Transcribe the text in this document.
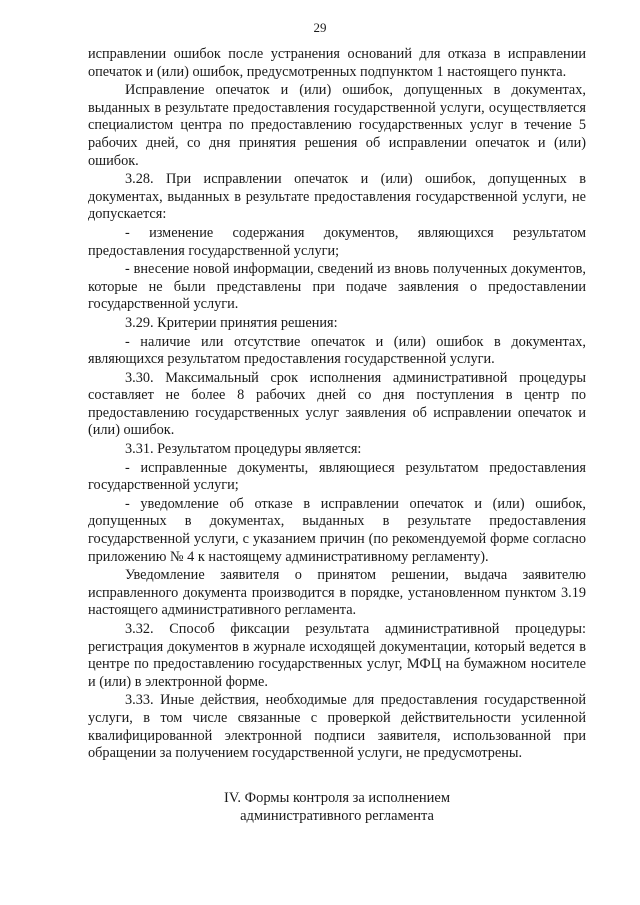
29

исправлении ошибок после устранения оснований для отказа в исправлении опечаток и (или) ошибок, предусмотренных подпунктом 1 настоящего пункта.

Исправление опечаток и (или) ошибок, допущенных в документах, выданных в результате предоставления государственной услуги, осуществляется специалистом центра по предоставлению государственных услуг в течение 5 рабочих дней, со дня принятия решения об исправлении опечаток и (или) ошибок.

3.28. При исправлении опечаток и (или) ошибок, допущенных в документах, выданных в результате предоставления государственной услуги, не допускается:

- изменение содержания документов, являющихся результатом предоставления государственной услуги;

- внесение новой информации, сведений из вновь полученных документов, которые не были представлены при подаче заявления о предоставлении государственной услуги.

3.29. Критерии принятия решения:

- наличие или отсутствие опечаток и (или) ошибок в документах, являющихся результатом предоставления государственной услуги.

3.30. Максимальный срок исполнения административной процедуры составляет не более 8 рабочих дней со дня поступления в центр по предоставлению государственных услуг заявления об исправлении опечаток и (или) ошибок.

3.31. Результатом процедуры является:

- исправленные документы, являющиеся результатом предоставления государственной услуги;

- уведомление об отказе в исправлении опечаток и (или) ошибок, допущенных в документах, выданных в результате предоставления государственной услуги, с указанием причин (по рекомендуемой форме согласно приложению № 4 к настоящему административному регламенту).

Уведомление заявителя о принятом решении, выдача заявителю исправленного документа производится в порядке, установленном пунктом 3.19 настоящего административного регламента.

3.32. Способ фиксации результата административной процедуры: регистрация документов в журнале исходящей документации, который ведется в центре по предоставлению государственных услуг, МФЦ на бумажном носителе и (или) в электронной форме.

3.33. Иные действия, необходимые для предоставления государственной услуги, в том числе связанные с проверкой действительности усиленной квалифицированной электронной подписи заявителя, использованной при обращении за получением государственной услуги, не предусмотрены.

IV. Формы контроля за исполнением
административного регламента
